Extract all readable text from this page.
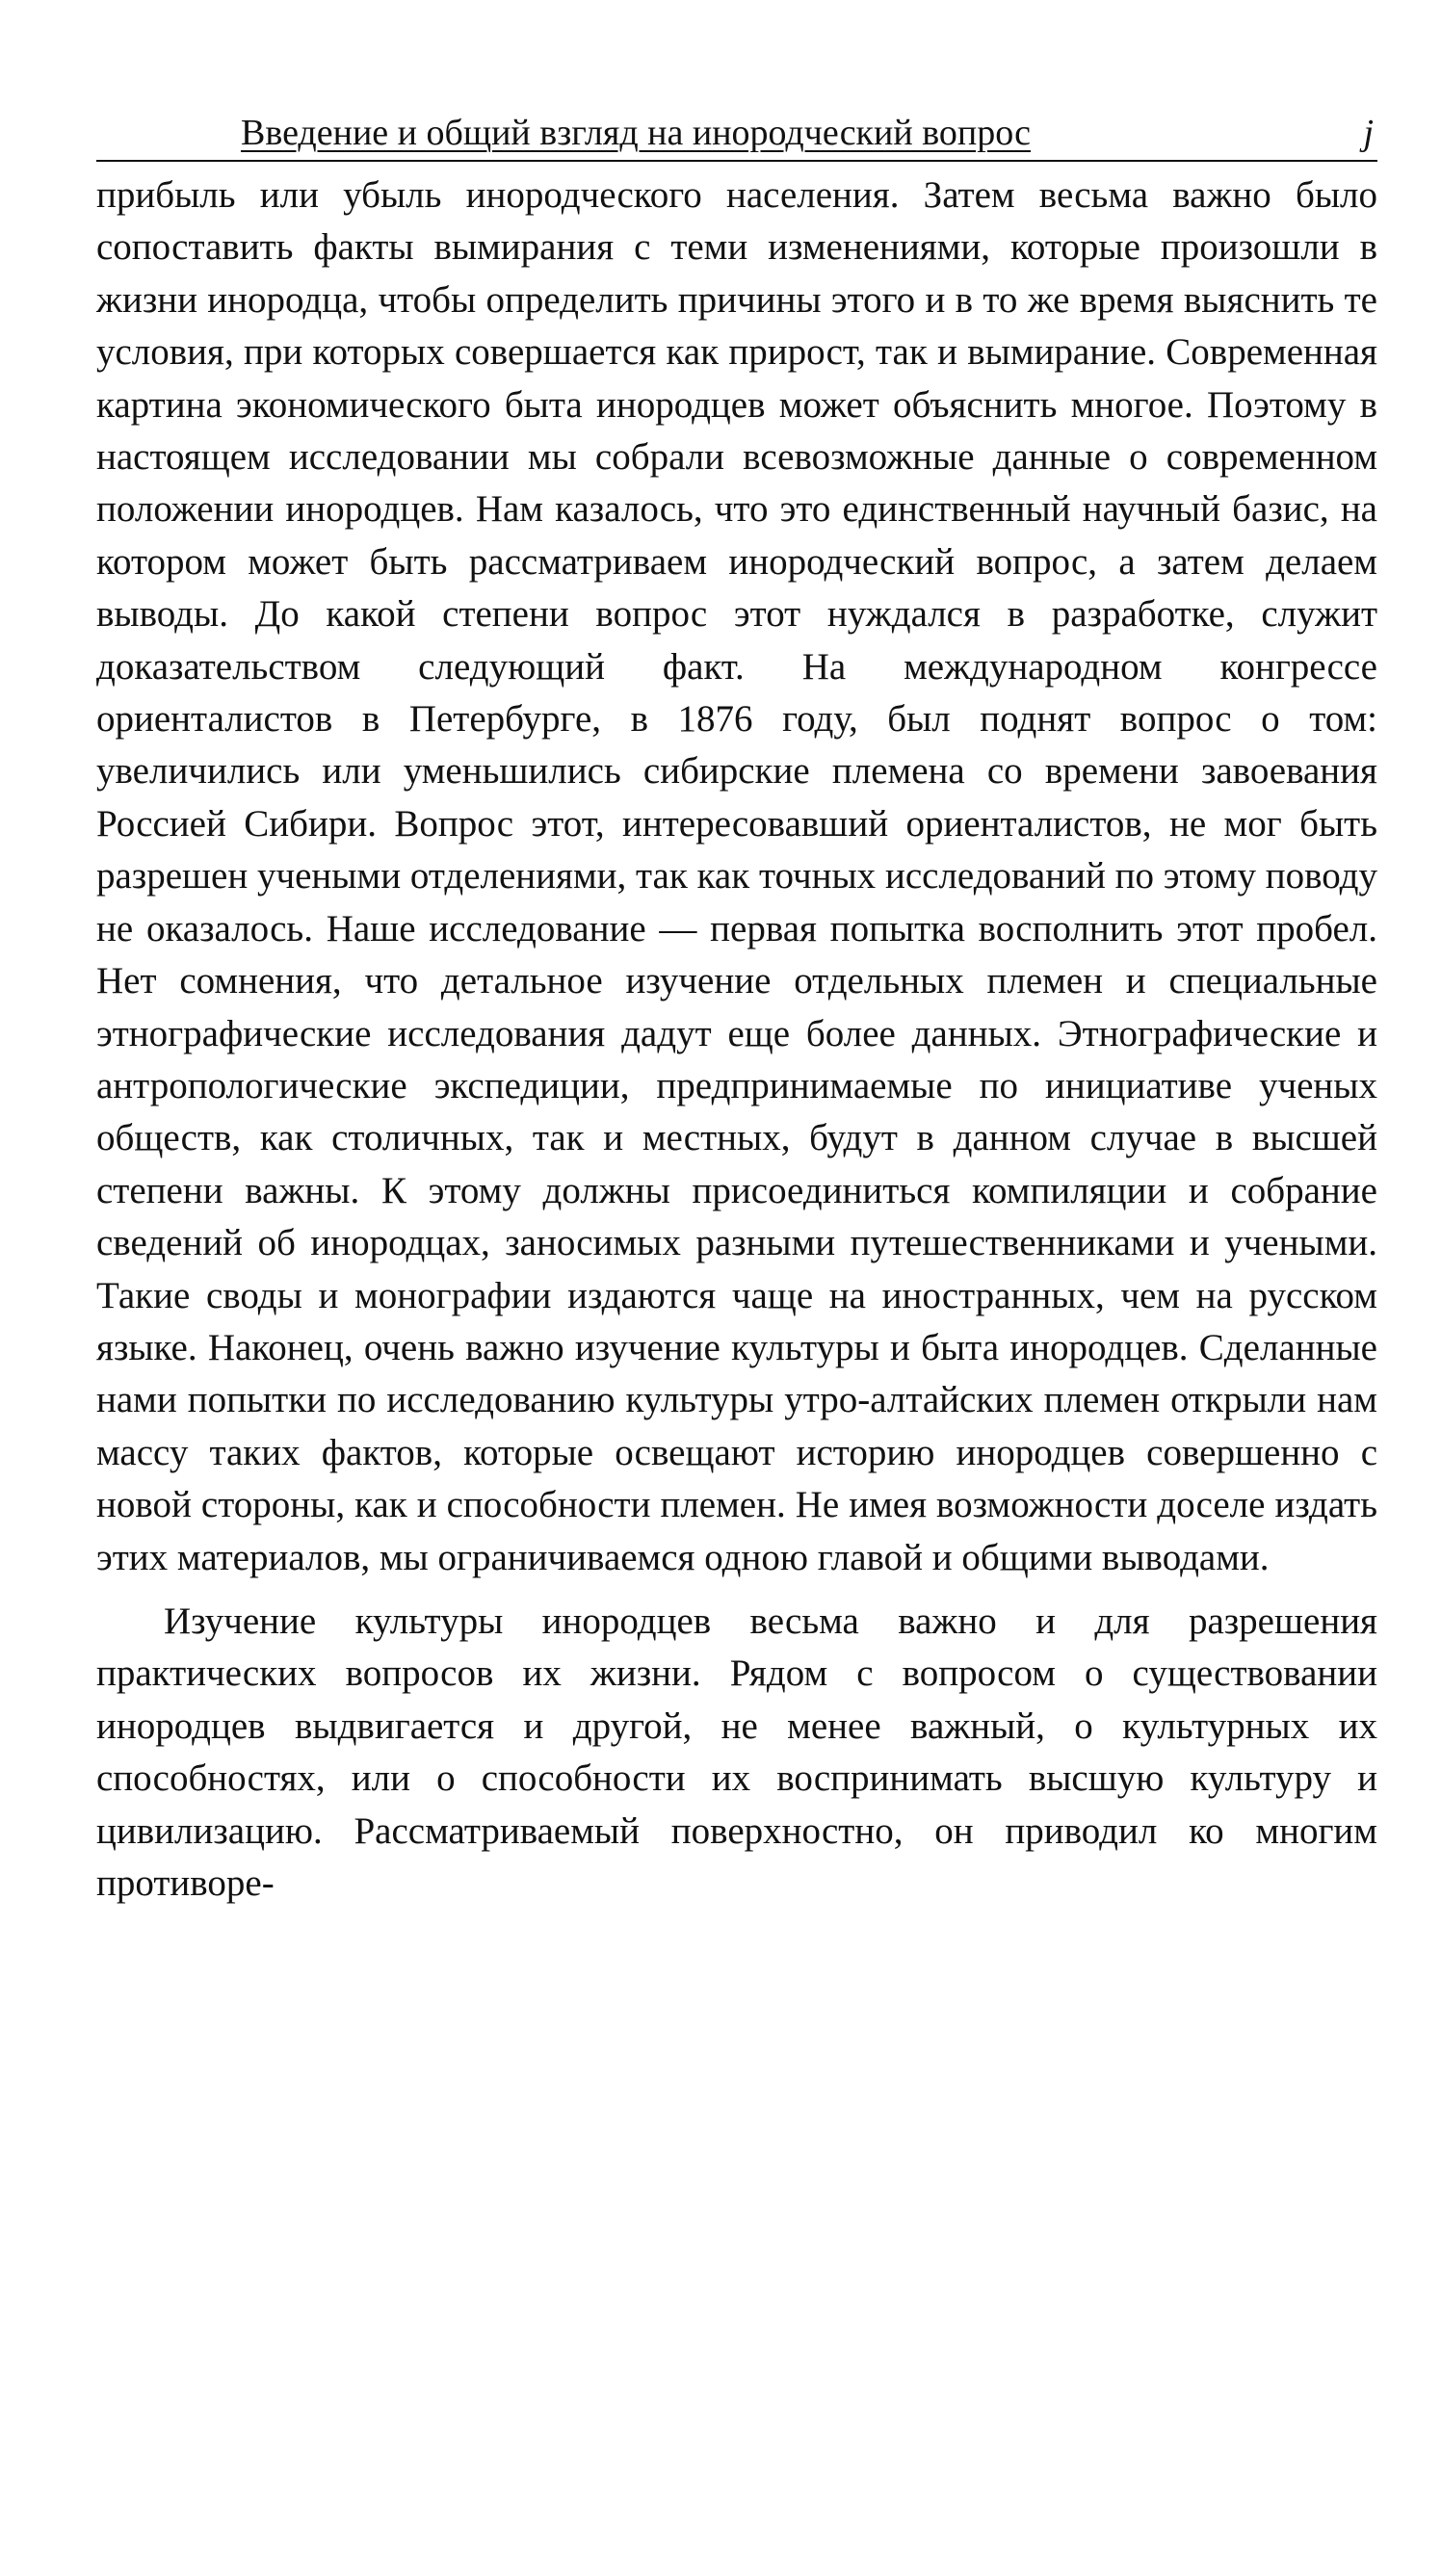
Введение и общий взгляд на инородческий вопрос	j

прибыль или убыль инородческого населения. Затем весьма важно было сопоставить факты вымирания с теми изменениями, которые произошли в жизни инородца, чтобы определить причины этого и в то же время выяснить те условия, при которых совершается как прирост, так и вымирание. Современная картина экономического быта инородцев может объяснить многое. Поэтому в настоящем исследовании мы собрали всевозможные данные о современном положении инородцев. Нам казалось, что это единственный научный базис, на котором может быть рассматриваем инородческий вопрос, а затем делаем выводы. До какой степени вопрос этот нуждался в разработке, служит доказательством следующий факт. На международном конгрессе ориенталистов в Петербурге, в 1876 году, был поднят вопрос о том: увеличились или уменьшились сибирские племена со времени завоевания Россией Сибири. Вопрос этот, интересовавший ориенталистов, не мог быть разрешен учеными отделениями, так как точных исследований по этому поводу не оказалось. Наше исследование — первая попытка восполнить этот пробел. Нет сомнения, что детальное изучение отдельных племен и специальные этнографические исследования дадут еще более данных. Этнографические и антропологические экспедиции, предпринимаемые по инициативе ученых обществ, как столичных, так и местных, будут в данном случае в высшей степени важны. К этому должны присоединиться компиляции и собрание сведений об инородцах, заносимых разными путешественниками и учеными. Такие своды и монографии издаются чаще на иностранных, чем на русском языке. Наконец, очень важно изучение культуры и быта инородцев. Сделанные нами попытки по исследованию культуры утро-алтайских племен открыли нам массу таких фактов, которые освещают историю инородцев совершенно с новой стороны, как и способности племен. Не имея возможности доселе издать этих материалов, мы ограничиваемся одною главой и общими выводами.

Изучение культуры инородцев весьма важно и для разрешения практических вопросов их жизни. Рядом с вопросом о существовании инородцев выдвигается и другой, не менее важный, о культурных их способностях, или о способности их воспринимать высшую культуру и цивилизацию. Рассматриваемый поверхностно, он приводил ко многим противоре-
